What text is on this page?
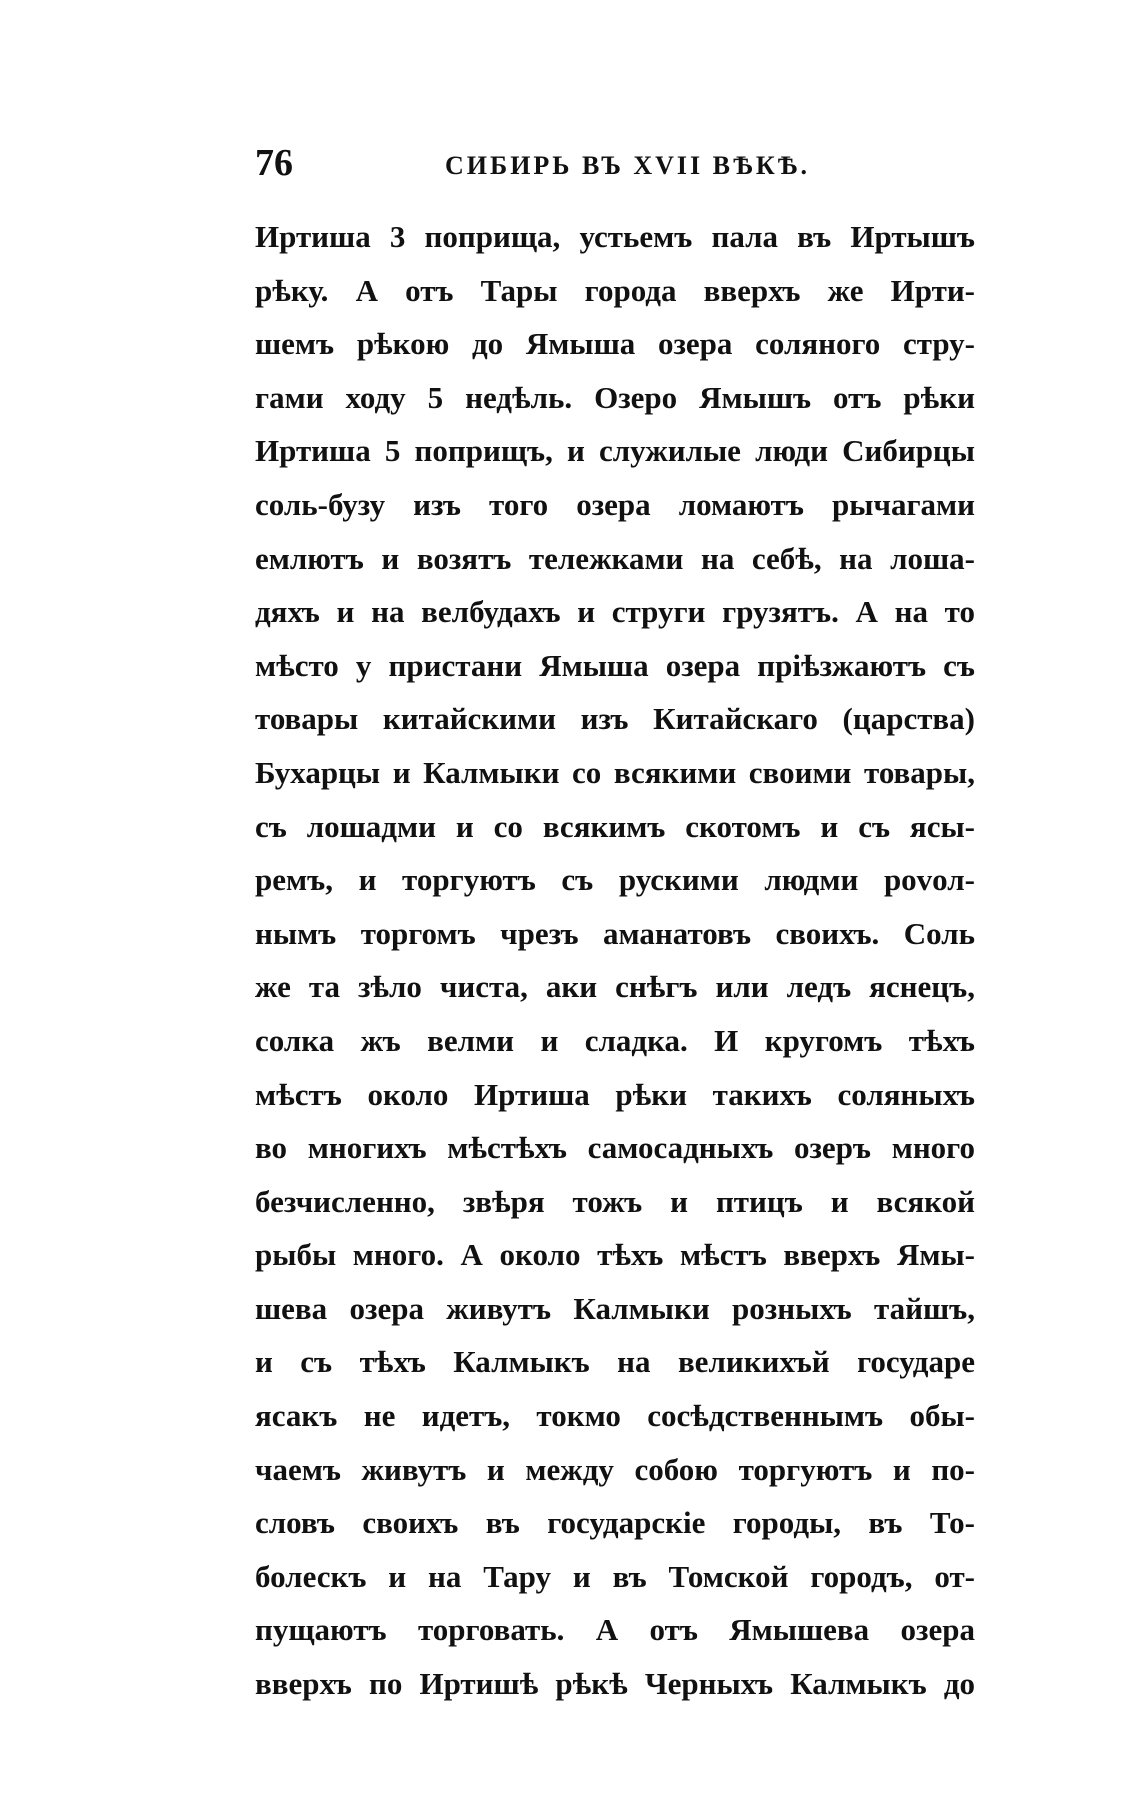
76	СИБИРЬ ВЪ XVII ВѢКѢ.
Иртиша 3 поприща, устьемъ пала въ Иртышъ
рѣку. А отъ Тары города вверхъ же Ирти-
шемъ рѣкою до Ямыша озера соляного стру-
гами ходу 5 недѣль. Озеро Ямышъ отъ рѣки
Иртиша 5 поприщъ, и служилые люди Сибирцы
соль-бузу изъ того озера ломаютъ рычагами
емлютъ и возятъ тележками на себѣ, на лоша-
дяхъ и на велбудахъ и струги грузятъ. А на то
мѣсто у пристани Ямыша озера пріѣзжаютъ съ
товары китайскими изъ Китайскаго (царства)
Бухарцы и Калмыки со всякими своими товары,
съ лошадми и со всякимъ скотомъ и съ ясы-
ремъ, и торгуютъ съ рускими людми povол-
нымъ торгомъ чрезъ аманатовъ своихъ. Соль
же та зѣло чиста, аки снѣгъ или ледъ яснецъ,
солка жъ велми и сладка. И кругомъ тѣхъ
мѣстъ около Иртиша рѣки такихъ соляныхъ
во многихъ мѣстѣхъ самосадныхъ озеръ много
безчисленно, звѣря тожъ и птицъ и всякой
рыбы много. А около тѣхъ мѣстъ вверхъ Ямы-
шева озера живутъ Калмыки розныхъ тайшъ,
и съ тѣхъ Калмыкъ на великихъй государе
ясакъ не идетъ, токмо сосѣдственнымъ обы-
чаемъ живутъ и между собою торгуютъ и по-
словъ своихъ въ государскіе городы, въ То-
болескъ и на Тару и въ Томской городъ, от-
пущаютъ торговать. А отъ Ямышева озера
вверхъ по Иртишѣ рѣкѣ Черныхъ Калмыкъ до
